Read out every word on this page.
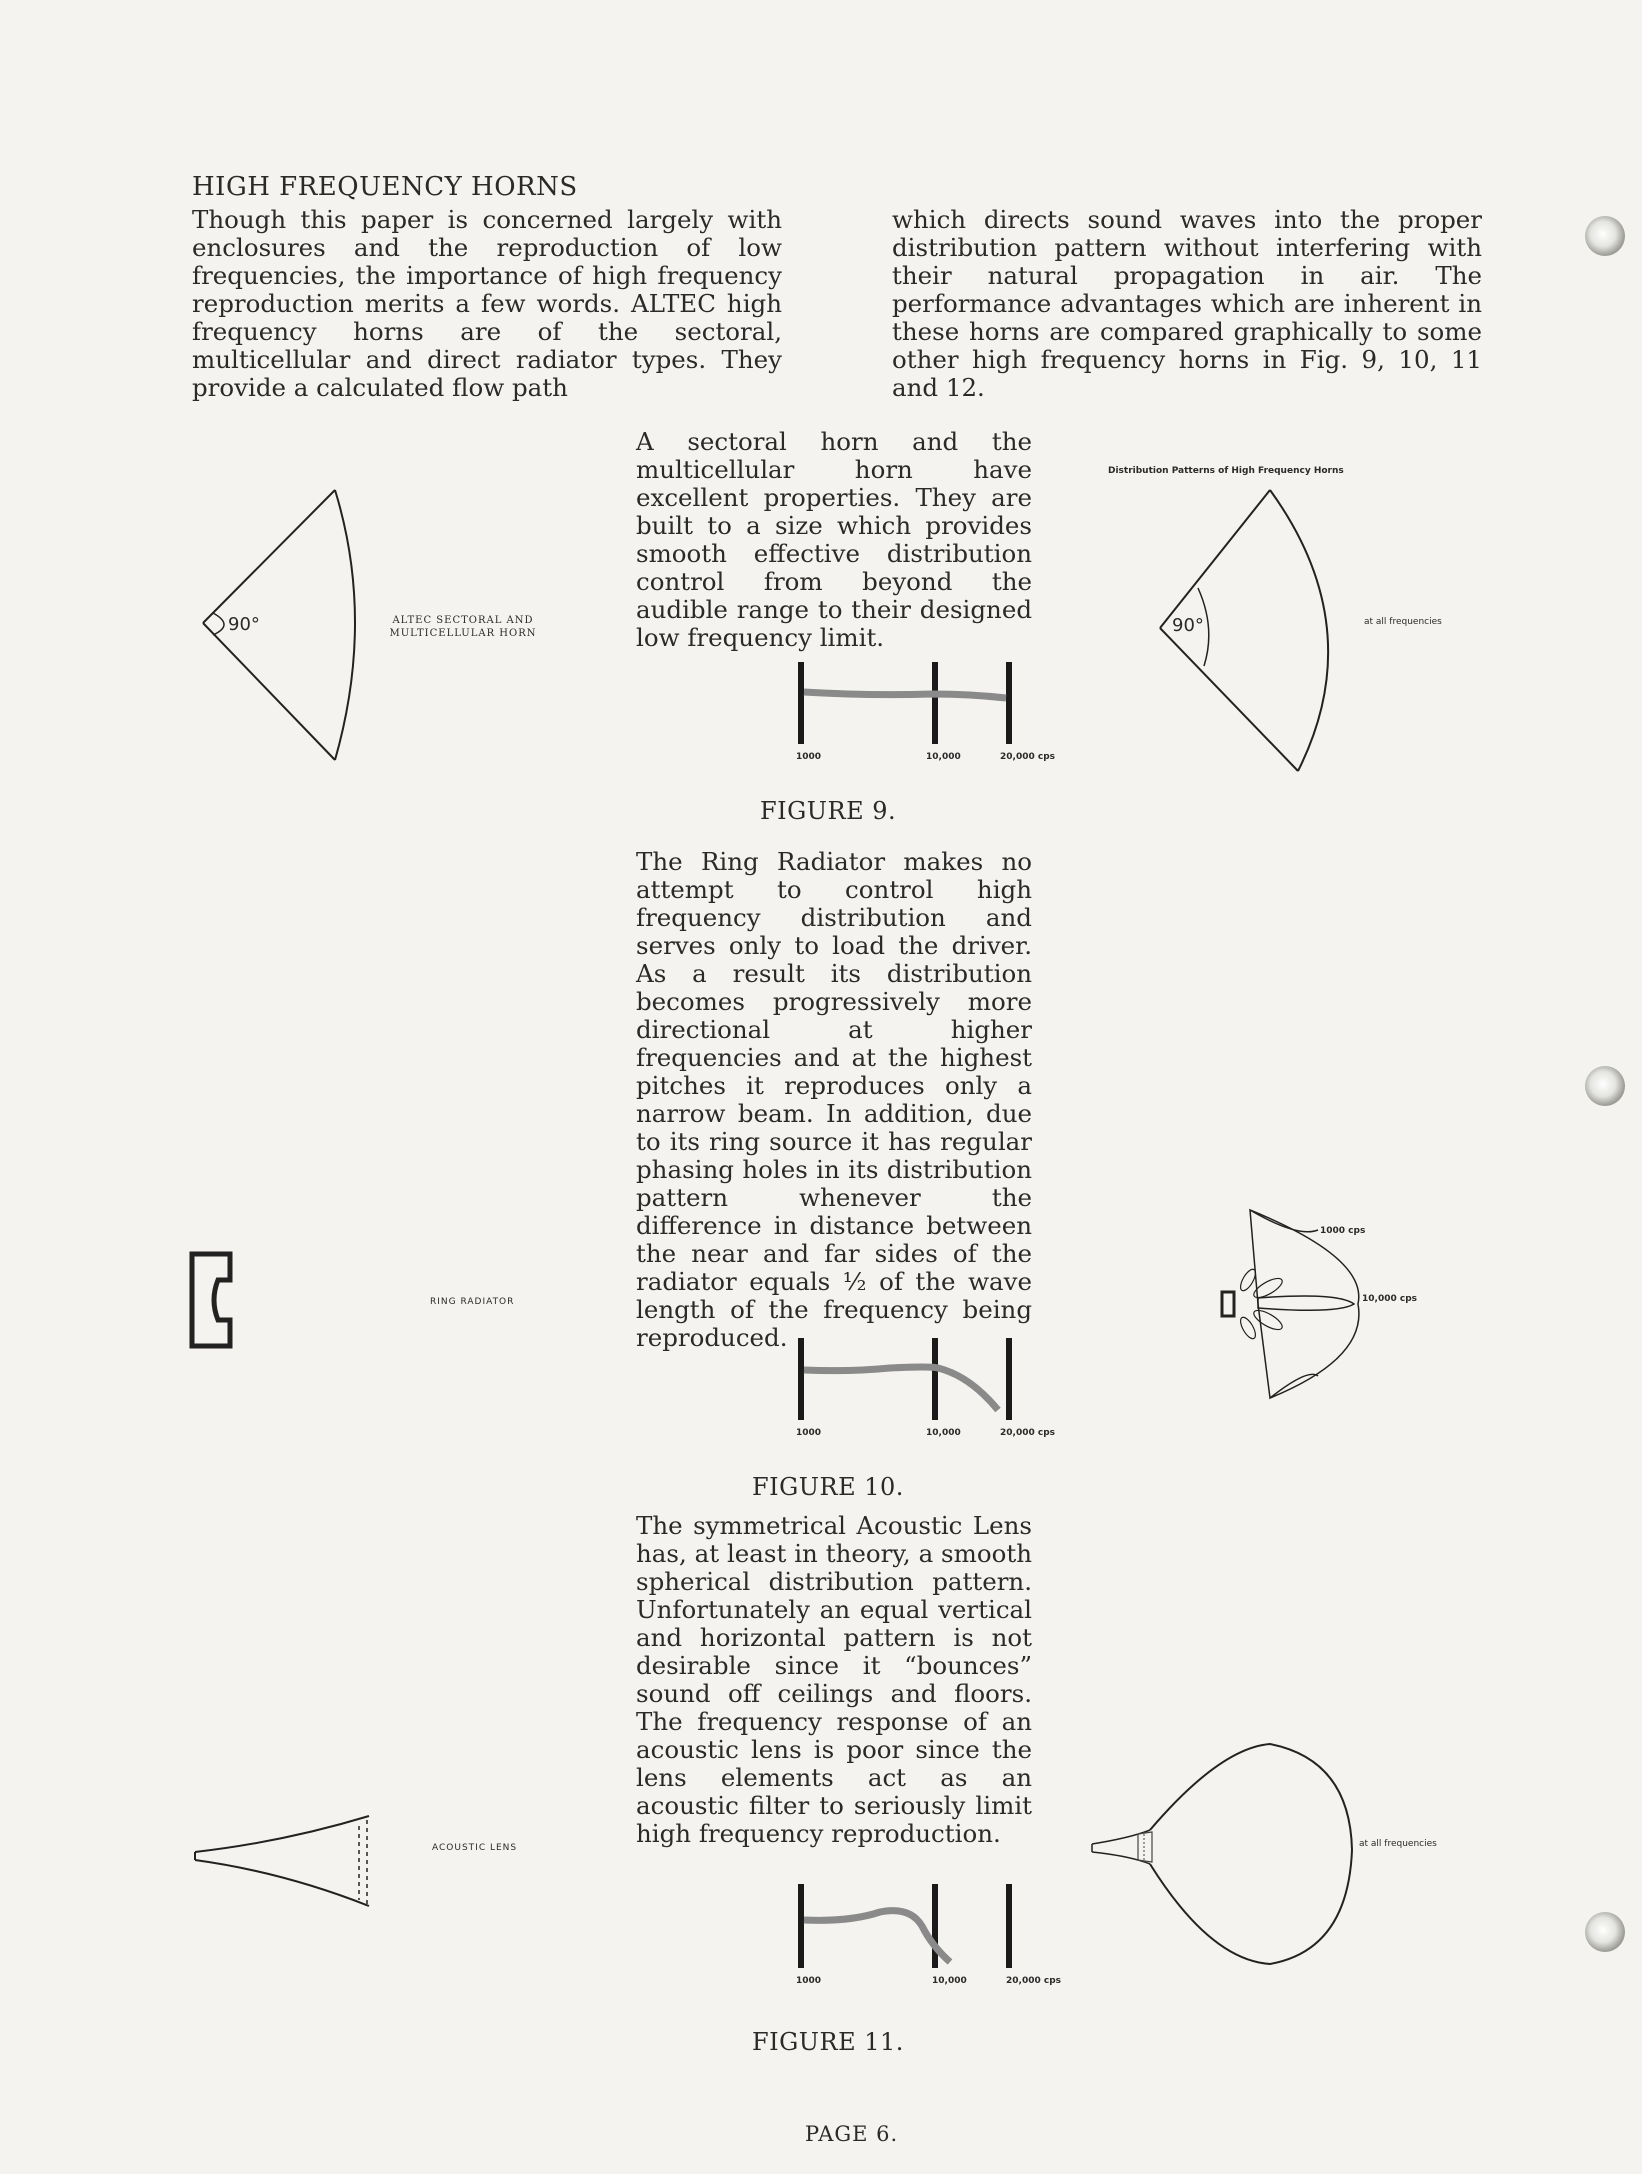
HIGH FREQUENCY HORNS
Though this paper is concerned largely with enclosures and the reproduction of low frequencies, the importance of high frequency reproduction merits a few words. ALTEC high frequency horns are of the sectoral, multicellular and direct radiator types. They provide a calculated flow path
which directs sound waves into the proper distribution pattern without interfering with their natural propagation in air. The performance advantages which are inherent in these horns are compared graphically to some other high frequency horns in Fig. 9, 10, 11 and 12.
90°	ALTEC SECTORAL AND
MULTICELLULAR HORN
A sectoral horn and the multicellular horn have excellent properties. They are built to a size which provides smooth effective distribution control from beyond the audible range to their designed low frequency limit.
1000	10,000	20,000 cps
FIGURE 9.
Distribution Patterns of High Frequency Horns
90°	at all frequencies
RING RADIATOR
The Ring Radiator makes no attempt to control high frequency distribution and serves only to load the driver. As a result its distribution becomes progressively more directional at higher frequencies and at the highest pitches it reproduces only a narrow beam. In addition, due to its ring source it has regular phasing holes in its distribution pattern whenever the difference in distance between the near and far sides of the radiator equals ½ of the wave length of the frequency being reproduced.
1000	10,000	20,000 cps
FIGURE 10.
1000 cps
10,000 cps
ACOUSTIC LENS
The symmetrical Acoustic Lens has, at least in theory, a smooth spherical distribution pattern. Unfortunately an equal vertical and horizontal pattern is not desirable since it “bounces” sound off ceilings and floors. The frequency response of an acoustic lens is poor since the lens elements act as an acoustic filter to seriously limit high frequency reproduction.
1000	10,000	20,000 cps
FIGURE 11.
at all frequencies
PAGE 6.
